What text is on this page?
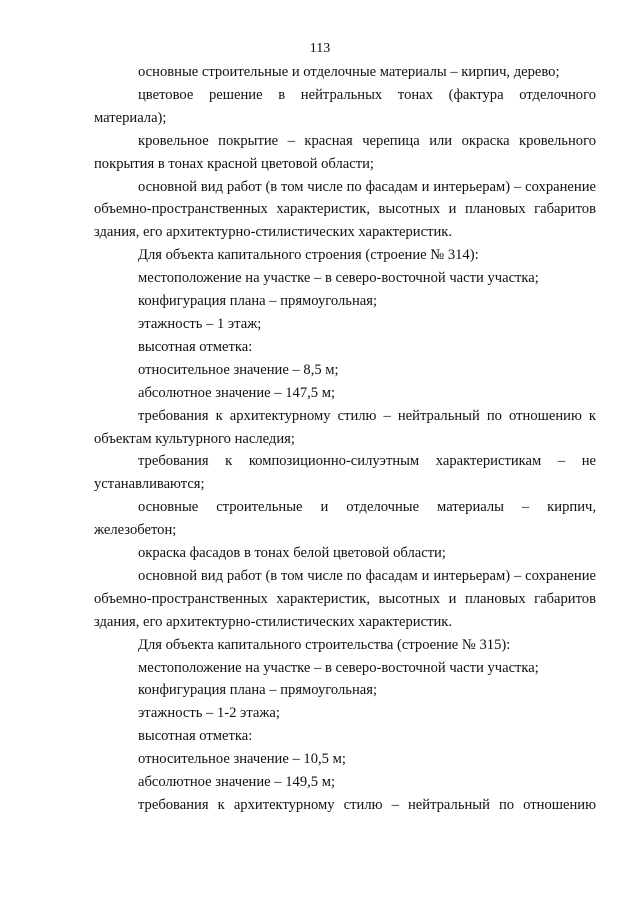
113

основные строительные и отделочные материалы – кирпич, дерево;

цветовое решение в нейтральных тонах (фактура отделочного материала);

кровельное покрытие – красная черепица или окраска кровельного покрытия в тонах красной цветовой области;

основной вид работ (в том числе по фасадам и интерьерам) – сохранение объемно-пространственных характеристик, высотных и плановых габаритов здания, его архитектурно-стилистических характеристик.

Для объекта капитального строения (строение № 314):

местоположение на участке – в северо-восточной части участка;

конфигурация плана – прямоугольная;

этажность – 1 этаж;

высотная отметка:

относительное значение – 8,5 м;

абсолютное значение – 147,5 м;

требования к архитектурному стилю – нейтральный по отношению к объектам культурного наследия;

требования к композиционно-силуэтным характеристикам – не устанавливаются;

основные строительные и отделочные материалы – кирпич, железобетон;

окраска фасадов в тонах белой цветовой области;

основной вид работ (в том числе по фасадам и интерьерам) – сохранение объемно-пространственных характеристик, высотных и плановых габаритов здания, его архитектурно-стилистических характеристик.

Для объекта капитального строительства (строение № 315):

местоположение на участке – в северо-восточной части участка;

конфигурация плана – прямоугольная;

этажность – 1-2 этажа;

высотная отметка:

относительное значение – 10,5 м;

абсолютное значение – 149,5 м;

требования к архитектурному стилю – нейтральный по отношению
